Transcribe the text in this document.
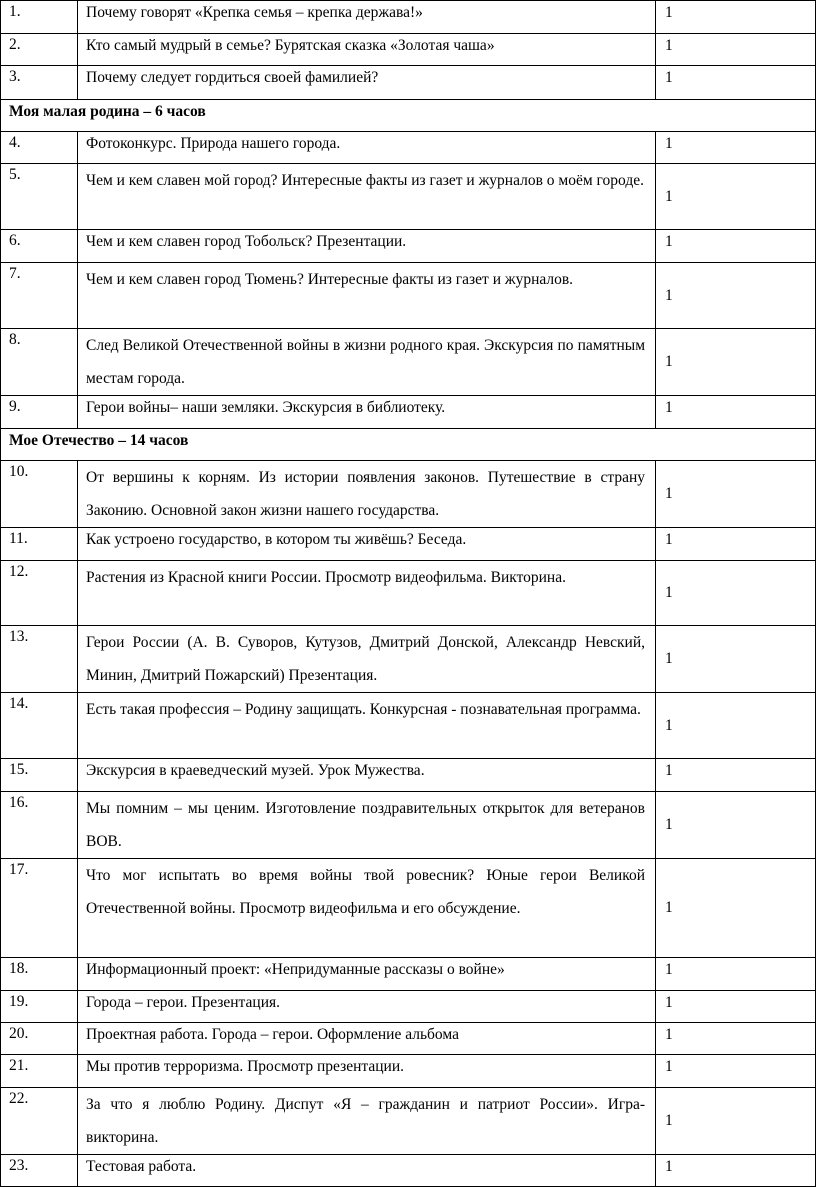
1.	Почему говорят «Крепка семья – крепка держава!»	1
2.	Кто самый мудрый в семье? Бурятская сказка «Золотая чаша»	1
3.	Почему следует гордиться своей фамилией?	1
Моя малая родина – 6 часов		
4.	Фотоконкурс. Природа нашего города.	1
5.	Чем и кем славен мой город? Интересные факты из газет и журналов о моём городе.	1
6.	Чем и кем славен город Тобольск? Презентации.	1
7.	Чем и кем славен город Тюмень? Интересные факты из газет и журналов.	1
8.	След Великой Отечественной войны в жизни родного края. Экскурсия по памятным местам города.	1
9.	Герои войны– наши земляки. Экскурсия в библиотеку.	1
Мое Отечество – 14 часов		
10.	От вершины к корням. Из истории появления законов. Путешествие в страну Законию. Основной закон жизни нашего государства.	1
11.	Как устроено государство, в котором ты живёшь? Беседа.	1
12.	Растения из Красной книги России. Просмотр видеофильма. Викторина.	1
13.	Герои России (А. В. Суворов, Кутузов, Дмитрий Донской, Александр Невский, Минин, Дмитрий Пожарский) Презентация.	1
14.	Есть такая профессия – Родину защищать. Конкурсная - познавательная программа.	1
15.	Экскурсия в краеведческий музей. Урок Мужества.	1
16.	Мы помним – мы ценим. Изготовление поздравительных открыток для ветеранов ВОВ.	1
17.	Что мог испытать во время войны твой ровесник? Юные герои Великой Отечественной войны. Просмотр видеофильма и его обсуждение.	1
18.	Информационный проект: «Непридуманные рассказы о войне»	1
19.	Города – герои. Презентация.	1
20.	Проектная работа. Города – герои. Оформление альбома	1
21.	Мы против терроризма. Просмотр презентации.	1
22.	За что я люблю Родину. Диспут «Я – гражданин и патриот России». Игра-викторина.	1
23.	Тестовая работа.	1
